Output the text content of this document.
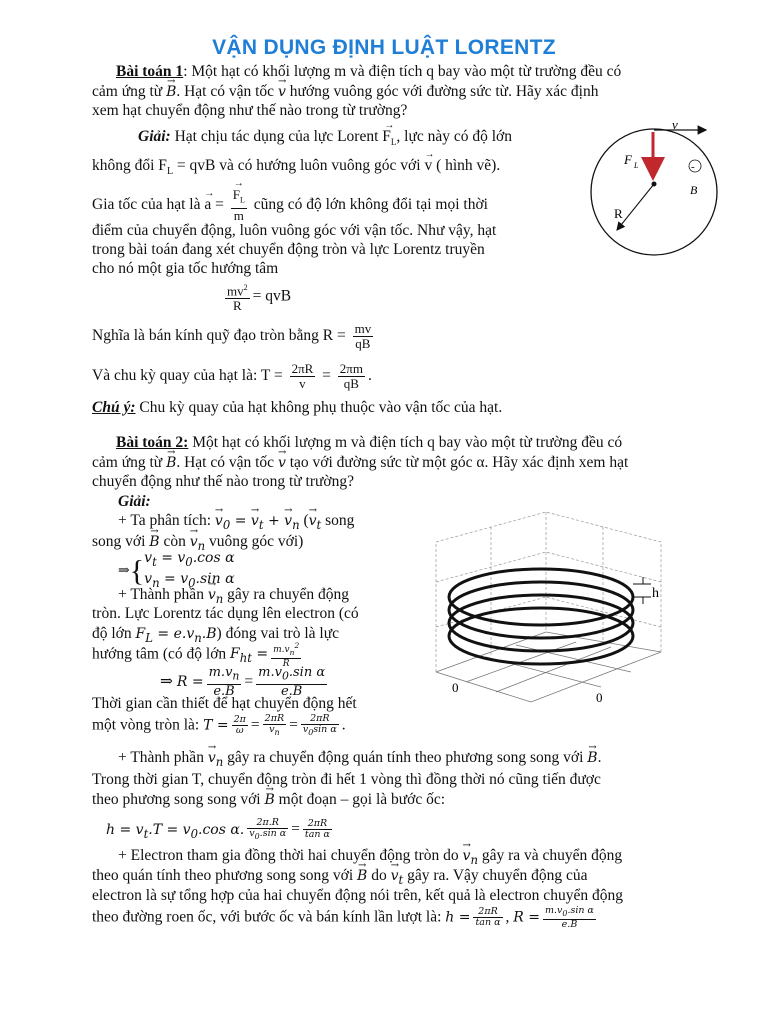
VẬN DỤNG ĐỊNH LUẬT LORENTZ
Bài toán 1: Một hạt có khối lượng m và điện tích q bay vào một từ trường đều có
cảm ứng từ → B. Hạt có vận tốc → v hướng vuông góc với đường sức từ. Hãy xác định
xem hạt chuyển động như thế nào trong từ trường?
Giải: Hạt chịu tác dụng của lực Lorent → $F_L$, lực này có độ lớn
không đổi $F_L$ = qvB và có hướng luôn vuông góc với → v ( hình vẽ).
Gia tốc của hạt là → a =
→ $\frac{F_L}{m}$ cũng có độ lớn không đổi tại mọi thời
điểm của chuyển động, luôn vuông góc với vận tốc. Như vậy, hạt
trong bài toán đang xét chuyển động tròn và lực Lorentz truyền
cho nó một gia tốc hướng tâm
$\frac{mv^2}{R}$ = qvB
Nghĩa là bán kính quỹ đạo tròn bằng $R = \frac{mv}{qB}$
Và chu kỳ quay của hạt là: $T = \frac{2\pi R}{v} = \frac{2\pi m}{qB}$ .
Chú ý: Chu kỳ quay của hạt không phụ thuộc vào vận tốc của hạt.
v
F L
R
-
B
Bài toán 2: Một hạt có khối lượng m và điện tích q bay vào một từ trường đều có
cảm ứng từ → B. Hạt có vận tốc → v tạo với đường sức từ một góc α. Hãy xác định xem hạt
chuyển động như thế nào trong từ trường?
Giải:
+ Ta phân tích: → $v_0$ = → $v_t$ + → $v_n$ (→ $v_t$ song
song với → B còn → $v_n$ vuông góc với)
⇒{ $v_t = v_0.\cos$ α
$v_n = v_0.\sin$ α
+ Thành phần → $v_n$ gây ra chuyển động
tròn. Lực Lorentz tác dụng lên electron (có
độ lớn $F_L = e.v_n.B$) đóng vai trò là lực
hướng tâm (có độ lớn $F_{ht} = \frac{m.v_n^2}{R}$
⇒ $R = \frac{m.v_n}{e.B} = \frac{m.v_0.\sin \alpha}{e.B}$
Thời gian cần thiết để hạt chuyển động hết
một vòng tròn là: $T = \frac{2\pi}{\omega} = \frac{2\pi R}{v_n} = \frac{2\pi R}{v_0\sin \alpha}$ .
h
0
0
+ Thành phần → $v_n$ gây ra chuyển động quán tính theo phương song song với → B.
Trong thời gian T, chuyển động tròn đi hết 1 vòng thì đồng thời nó cũng tiến được
theo phương song song với → B một đoạn – gọi là bước ốc:
$h = v_t.T = v_0.\cos$ α. $\frac{2\pi.R}{v_0.\sin \alpha} = \frac{2\pi R}{\text{tan α}}$
+ Electron tham gia đồng thời hai chuyển động tròn do → $v_n$ gây ra và chuyển động
theo quán tính theo phương song song với → B do → $v_t$ gây ra. Vậy chuyển động của
electron là sự tổng hợp của hai chuyển động nói trên, kết quả là electron chuyển động
theo đường roen ốc, với bước ốc và bán kính lần lượt là: $h = \frac{2\pi R}{\text{tan α}}$ , $R = \frac{m.v_0.\sin \alpha}{e.B}$
